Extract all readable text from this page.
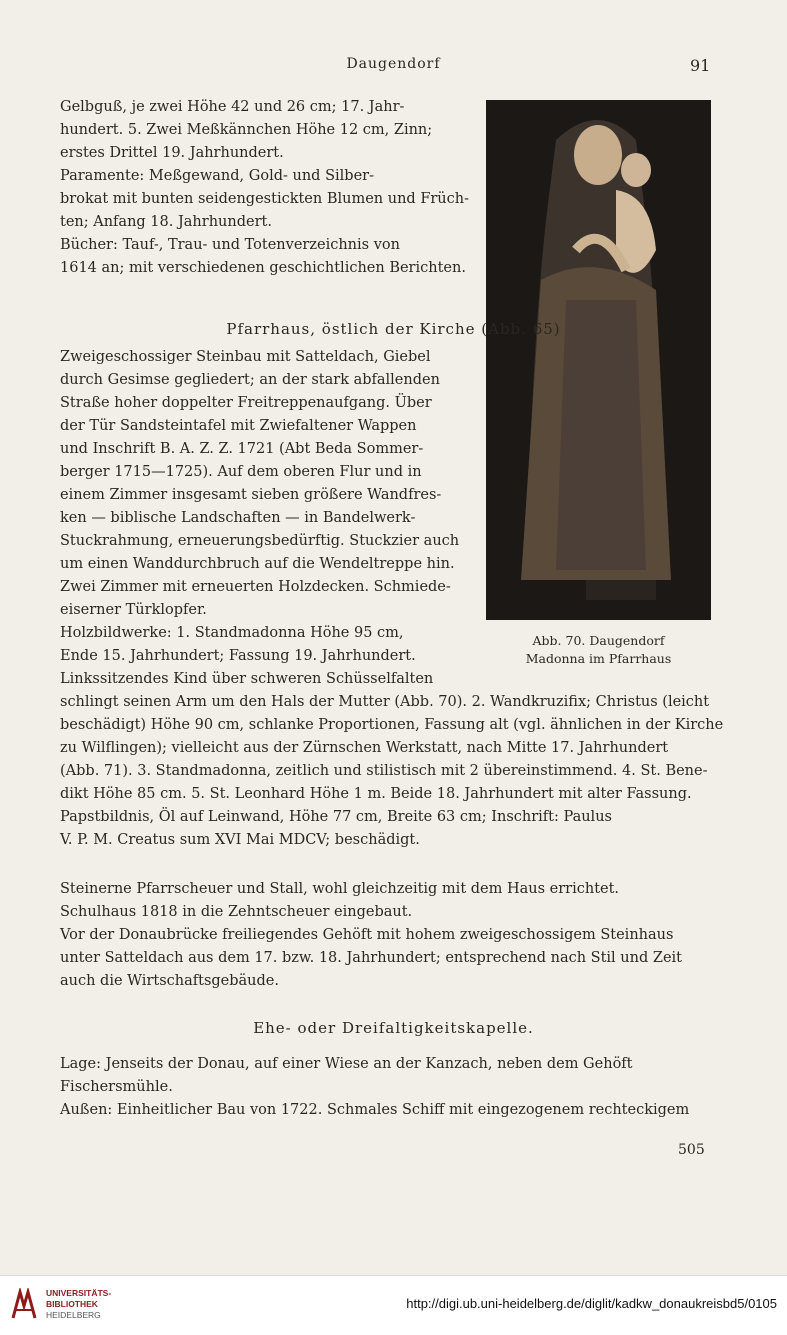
Daugendorf	91

Gelbguß, je zwei Höhe 42 und 26 cm; 17. Jahr-

hundert. 5. Zwei Meßkännchen Höhe 12 cm, Zinn;

erstes Drittel 19. Jahrhundert.

Paramente: Meßgewand, Gold- und Silber-

brokat mit bunten seidengestickten Blumen und Früch-

ten; Anfang 18. Jahrhundert.

Bücher: Tauf-, Trau- und Totenverzeichnis von

1614 an; mit verschiedenen geschichtlichen Berichten.

Abb. 70. Daugendorf
Madonna im Pfarrhaus
Pfarrhaus, östlich der Kirche (Abb. 65)

Zweigeschossiger Steinbau mit Satteldach, Giebel

durch Gesimse gegliedert; an der stark abfallenden

Straße hoher doppelter Freitreppenaufgang. Über

der Tür Sandsteintafel mit Zwiefaltener Wappen

und Inschrift B. A. Z. Z. 1721 (Abt Beda Sommer-

berger 1715—1725). Auf dem oberen Flur und in

einem Zimmer insgesamt sieben größere Wandfres-

ken — biblische Landschaften — in Bandelwerk-

Stuckrahmung, erneuerungsbedürftig. Stuckzier auch

um einen Wanddurchbruch auf die Wendeltreppe hin.

Zwei Zimmer mit erneuerten Holzdecken. Schmiede-

eiserner Türklopfer.

Holzbildwerke: 1. Standmadonna Höhe 95 cm,

Ende 15. Jahrhundert; Fassung 19. Jahrhundert.

Linkssitzendes Kind über schweren Schüsselfalten

schlingt seinen Arm um den Hals der Mutter (Abb. 70). 2. Wandkruzifix; Christus (leicht

beschädigt) Höhe 90 cm, schlanke Proportionen, Fassung alt (vgl. ähnlichen in der Kirche

zu Wilflingen); vielleicht aus der Zürnschen Werkstatt, nach Mitte 17. Jahrhundert

(Abb. 71). 3. Standmadonna, zeitlich und stilistisch mit 2 übereinstimmend. 4. St. Bene-

dikt Höhe 85 cm. 5. St. Leonhard Höhe 1 m. Beide 18. Jahrhundert mit alter Fassung.

Papstbildnis, Öl auf Leinwand, Höhe 77 cm, Breite 63 cm; Inschrift: Paulus

V. P. M. Creatus sum XVI Mai MDCV; beschädigt.

Steinerne Pfarrscheuer und Stall, wohl gleichzeitig mit dem Haus errichtet.

Schulhaus 1818 in die Zehntscheuer eingebaut.

Vor der Donaubrücke freiliegendes Gehöft mit hohem zweigeschossigem Steinhaus

unter Satteldach aus dem 17. bzw. 18. Jahrhundert; entsprechend nach Stil und Zeit

auch die Wirtschaftsgebäude.

Ehe- oder Dreifaltigkeitskapelle.

Lage: Jenseits der Donau, auf einer Wiese an der Kanzach, neben dem Gehöft

Fischersmühle.

Außen: Einheitlicher Bau von 1722. Schmales Schiff mit eingezogenem rechteckigem

505
UNIVERSITÄTS-
BIBLIOTHEK
HEIDELBERG
http://digi.ub.uni-heidelberg.de/diglit/kadkw_donaukreisbd5/0105
